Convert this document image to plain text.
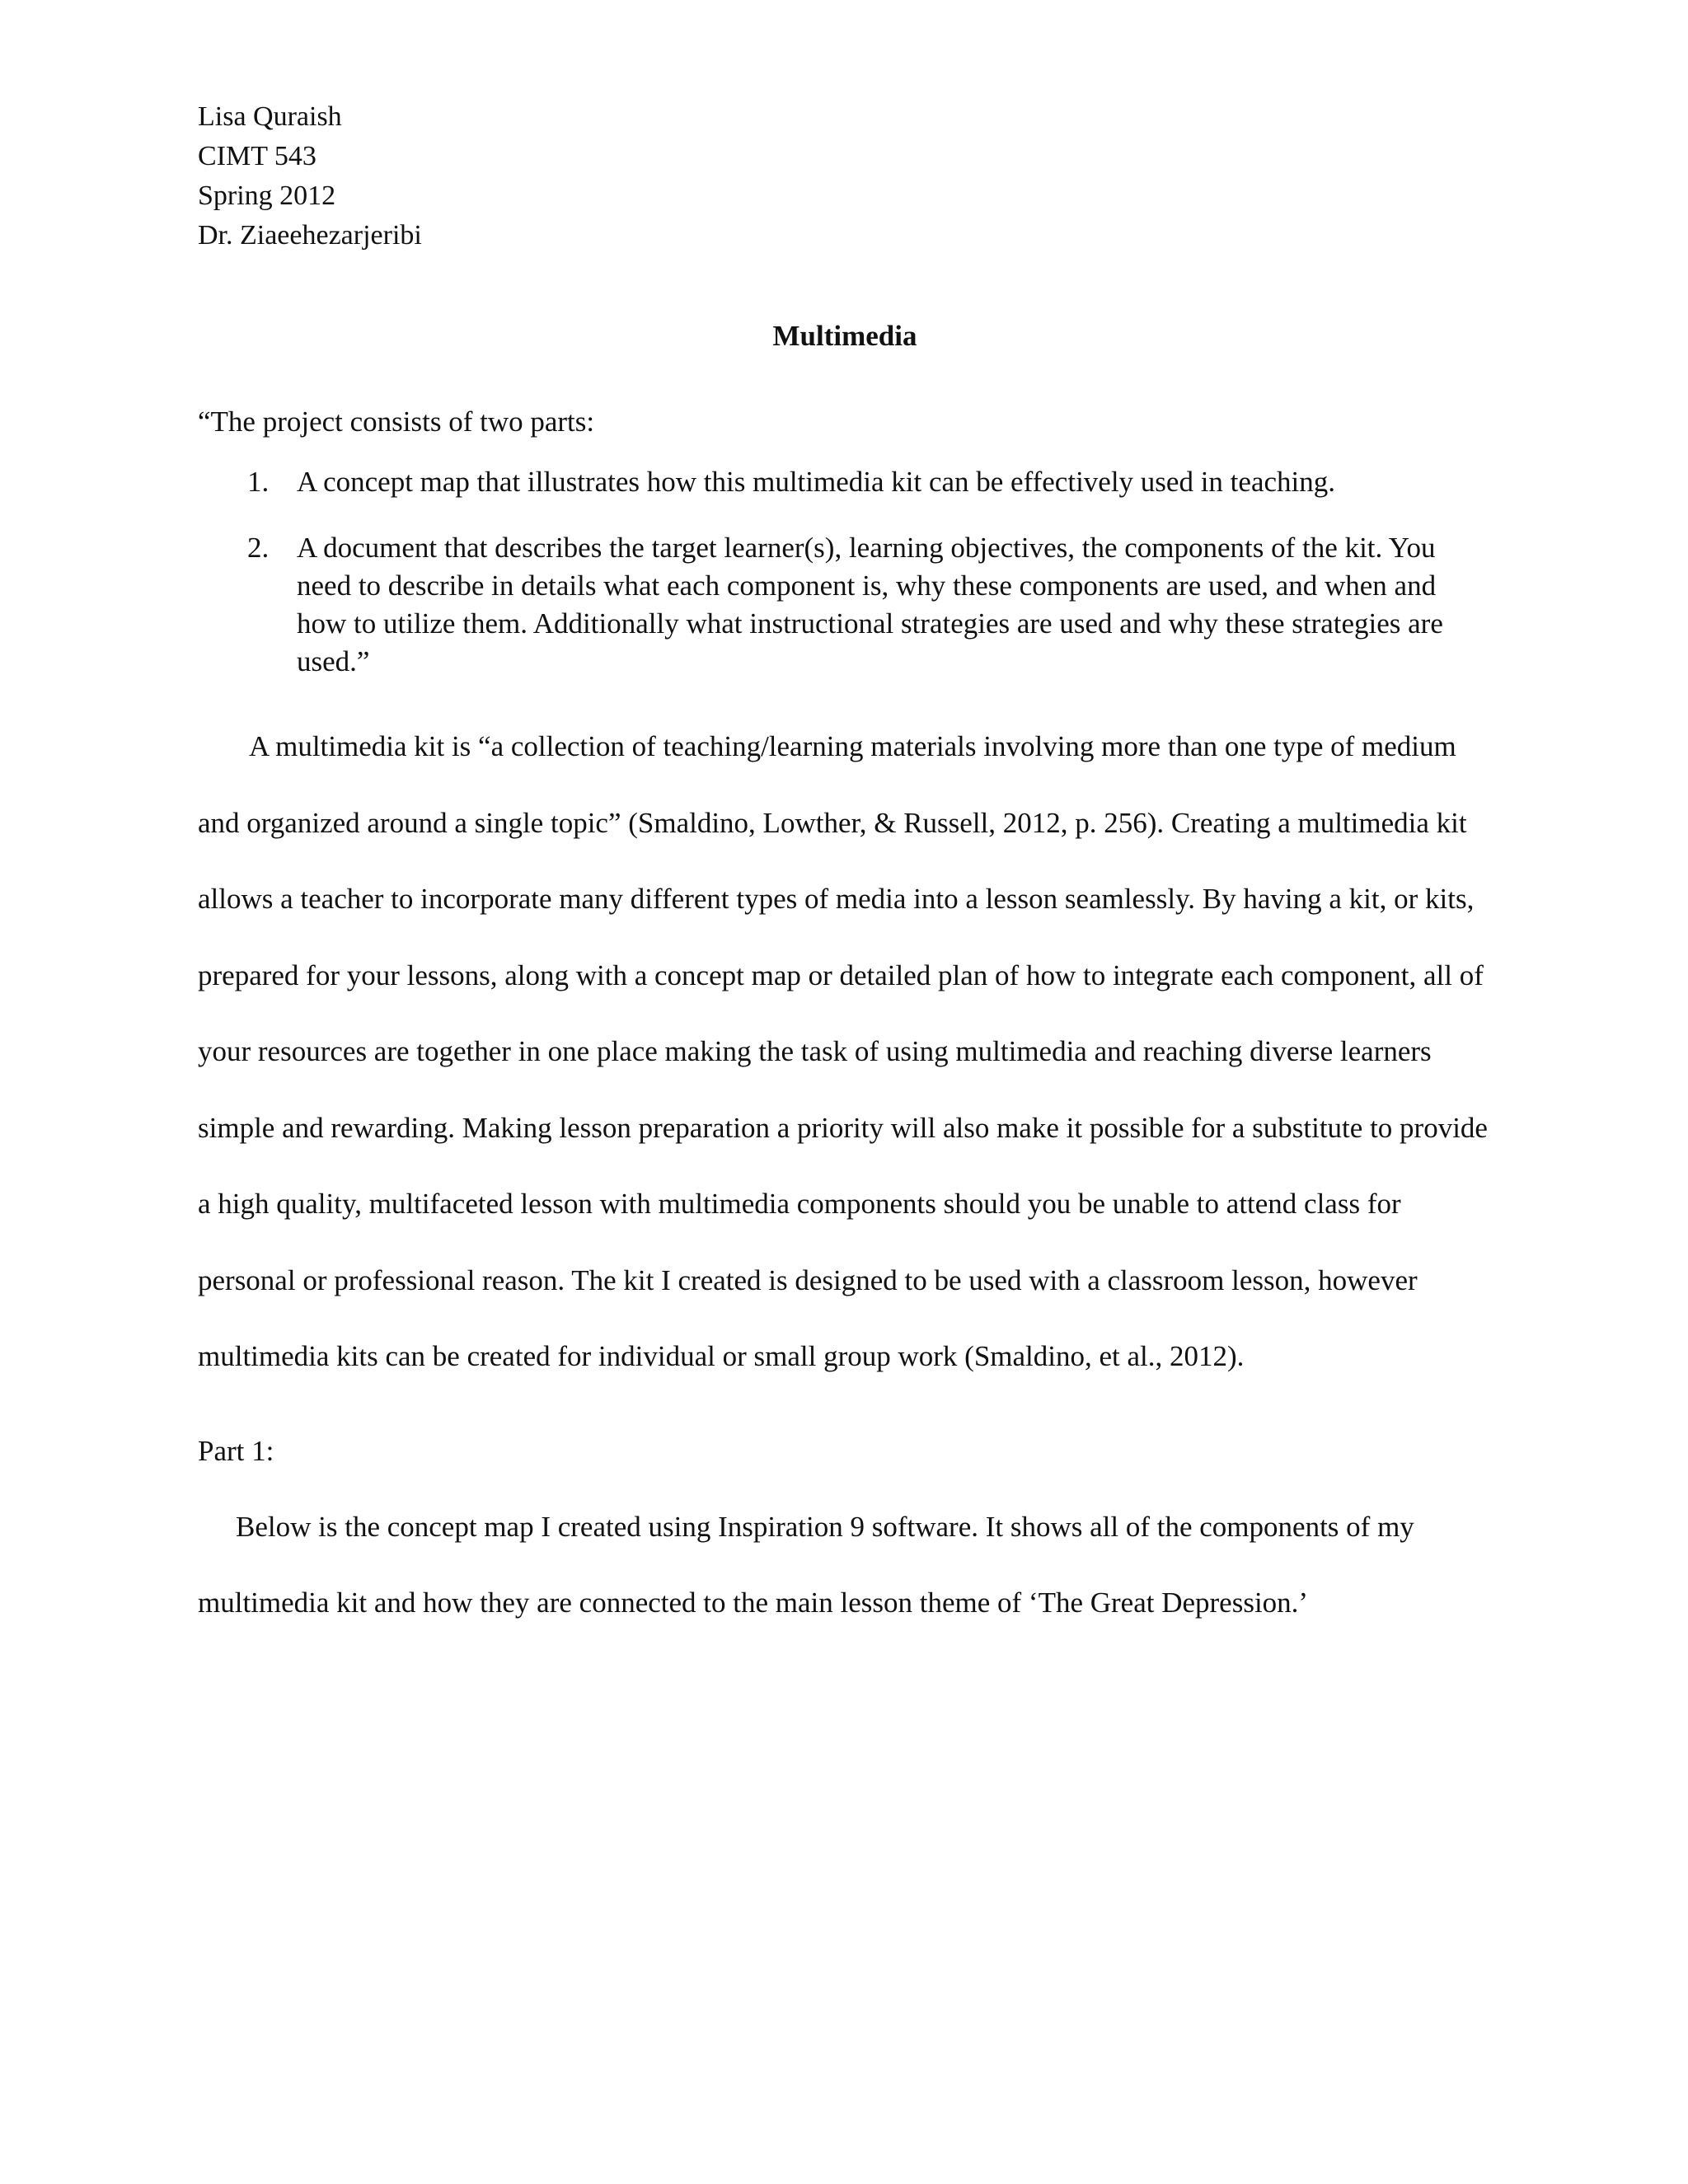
Lisa Quraish

CIMT 543

Spring 2012

Dr. Ziaeehezarjeribi

Multimedia

“The project consists of two parts:

1. A concept map that illustrates how this multimedia kit can be effectively used in teaching.
2. A document that describes the target learner(s), learning objectives, the components of the kit. You need to describe in details what each component is, why these components are used, and when and how to utilize them. Additionally what instructional strategies are used and why these strategies are used.”

A multimedia kit is “a collection of teaching/learning materials involving more than one type of medium and organized around a single topic” (Smaldino, Lowther, & Russell, 2012, p. 256). Creating a multimedia kit allows a teacher to incorporate many different types of media into a lesson seamlessly. By having a kit, or kits, prepared for your lessons, along with a concept map or detailed plan of how to integrate each component, all of your resources are together in one place making the task of using multimedia and reaching diverse learners simple and rewarding. Making lesson preparation a priority will also make it possible for a substitute to provide a high quality, multifaceted lesson with multimedia components should you be unable to attend class for personal or professional reason. The kit I created is designed to be used with a classroom lesson, however multimedia kits can be created for individual or small group work (Smaldino, et al., 2012).

Part 1:

Below is the concept map I created using Inspiration 9 software. It shows all of the components of my multimedia kit and how they are connected to the main lesson theme of ‘The Great Depression.’
